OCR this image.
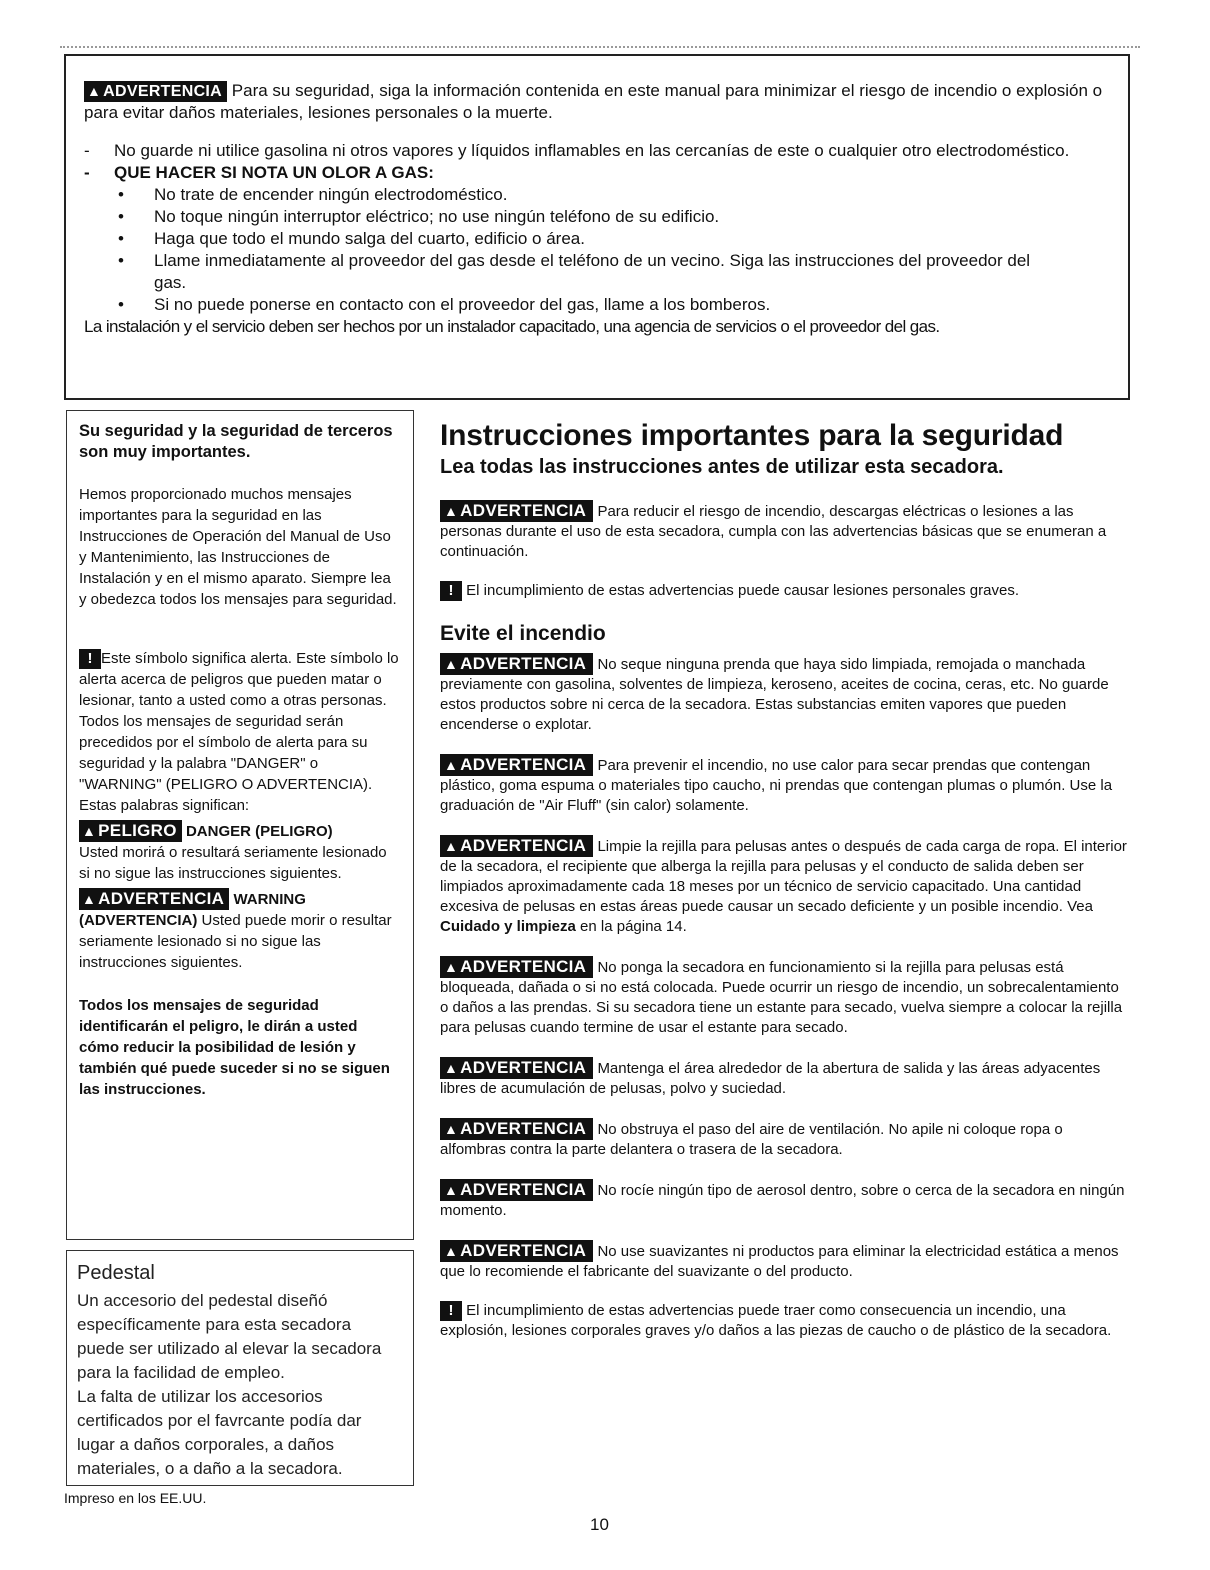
▲ ADVERTENCIA Para su seguridad, siga la información contenida en este manual para minimizar el riesgo de incendio o explosión o para evitar daños materiales, lesiones personales o la muerte.
- No guarde ni utilice gasolina ni otros vapores y líquidos inflamables en las cercanías de este o cualquier otro electrodoméstico.
- QUE HACER SI NOTA UN OLOR A GAS:
• No trate de encender ningún electrodoméstico.
• No toque ningún interruptor eléctrico; no use ningún teléfono de su edificio.
• Haga que todo el mundo salga del cuarto, edificio o área.
• Llame inmediatamente al proveedor del gas desde el teléfono de un vecino. Siga las instrucciones del proveedor del gas.
• Si no puede ponerse en contacto con el proveedor del gas, llame a los bomberos.
La instalación y el servicio deben ser hechos por un instalador capacitado, una agencia de servicios o el proveedor del gas.
Su seguridad y la seguridad de terceros son muy importantes.

Hemos proporcionado muchos mensajes importantes para la seguridad en las Instrucciones de Operación del Manual de Uso y Mantenimiento, las Instrucciones de Instalación y en el mismo aparato. Siempre lea y obedezca todos los mensajes para seguridad.

! Este símbolo significa alerta. Este símbolo lo alerta acerca de peligros que pueden matar o lesionar, tanto a usted como a otras personas. Todos los mensajes de seguridad serán precedidos por el símbolo de alerta para su seguridad y la palabra "DANGER" o "WARNING" (PELIGRO O ADVERTENCIA). Estas palabras significan:

▲ PELIGRO DANGER (PELIGRO)
Usted morirá o resultará seriamente lesionado si no sigue las instrucciones siguientes.

▲ ADVERTENCIA WARNING
(ADVERTENCIA) Usted puede morir o resultar seriamente lesionado si no sigue las instrucciones siguientes.

Todos los mensajes de seguridad identificarán el peligro, le dirán a usted cómo reducir la posibilidad de lesión y también qué puede suceder si no se siguen las instrucciones.

Pedestal
Un accesorio del pedestal diseñó específicamente para esta secadora puede ser utilizado al elevar la secadora para la facilidad de empleo.
La falta de utilizar los accesorios certificados por el favrcante podía dar lugar a daños corporales, a daños materiales, o a daño a la secadora.
Impreso en los EE.UU.
10
Instrucciones importantes para la seguridad
Lea todas las instrucciones antes de utilizar esta secadora.

▲ ADVERTENCIA Para reducir el riesgo de incendio, descargas eléctricas o lesiones a las personas durante el uso de esta secadora, cumpla con las advertencias básicas que se enumeran a continuación.

! El incumplimiento de estas advertencias puede causar lesiones personales graves.

Evite el incendio

▲ ADVERTENCIA No seque ninguna prenda que haya sido limpiada, remojada o manchada previamente con gasolina, solventes de limpieza, keroseno, aceites de cocina, ceras, etc. No guarde estos productos sobre ni cerca de la secadora. Estas substancias emiten vapores que pueden encenderse o explotar.

▲ ADVERTENCIA Para prevenir el incendio, no use calor para secar prendas que contengan plástico, goma espuma o materiales tipo caucho, ni prendas que contengan plumas o plumón. Use la graduación de "Air Fluff" (sin calor) solamente.

▲ ADVERTENCIA Limpie la rejilla para pelusas antes o después de cada carga de ropa. El interior de la secadora, el recipiente que alberga la rejilla para pelusas y el conducto de salida deben ser limpiados aproximadamente cada 18 meses por un técnico de servicio capacitado. Una cantidad excesiva de pelusas en estas áreas puede causar un secado deficiente y un posible incendio. Vea Cuidado y limpieza en la página 14.

▲ ADVERTENCIA No ponga la secadora en funcionamiento si la rejilla para pelusas está bloqueada, dañada o si no está colocada. Puede ocurrir un riesgo de incendio, un sobrecalentamiento o daños a las prendas. Si su secadora tiene un estante para secado, vuelva siempre a colocar la rejilla para pelusas cuando termine de usar el estante para secado.

▲ ADVERTENCIA Mantenga el área alrededor de la abertura de salida y las áreas adyacentes libres de acumulación de pelusas, polvo y suciedad.

▲ ADVERTENCIA No obstruya el paso del aire de ventilación. No apile ni coloque ropa o alfombras contra la parte delantera o trasera de la secadora.

▲ ADVERTENCIA No rocíe ningún tipo de aerosol dentro, sobre o cerca de la secadora en ningún momento.

▲ ADVERTENCIA No use suavizantes ni productos para eliminar la electricidad estática a menos que lo recomiende el fabricante del suavizante o del producto.

! El incumplimiento de estas advertencias puede traer como consecuencia un incendio, una explosión, lesiones corporales graves y/o daños a las piezas de caucho o de plástico de la secadora.
